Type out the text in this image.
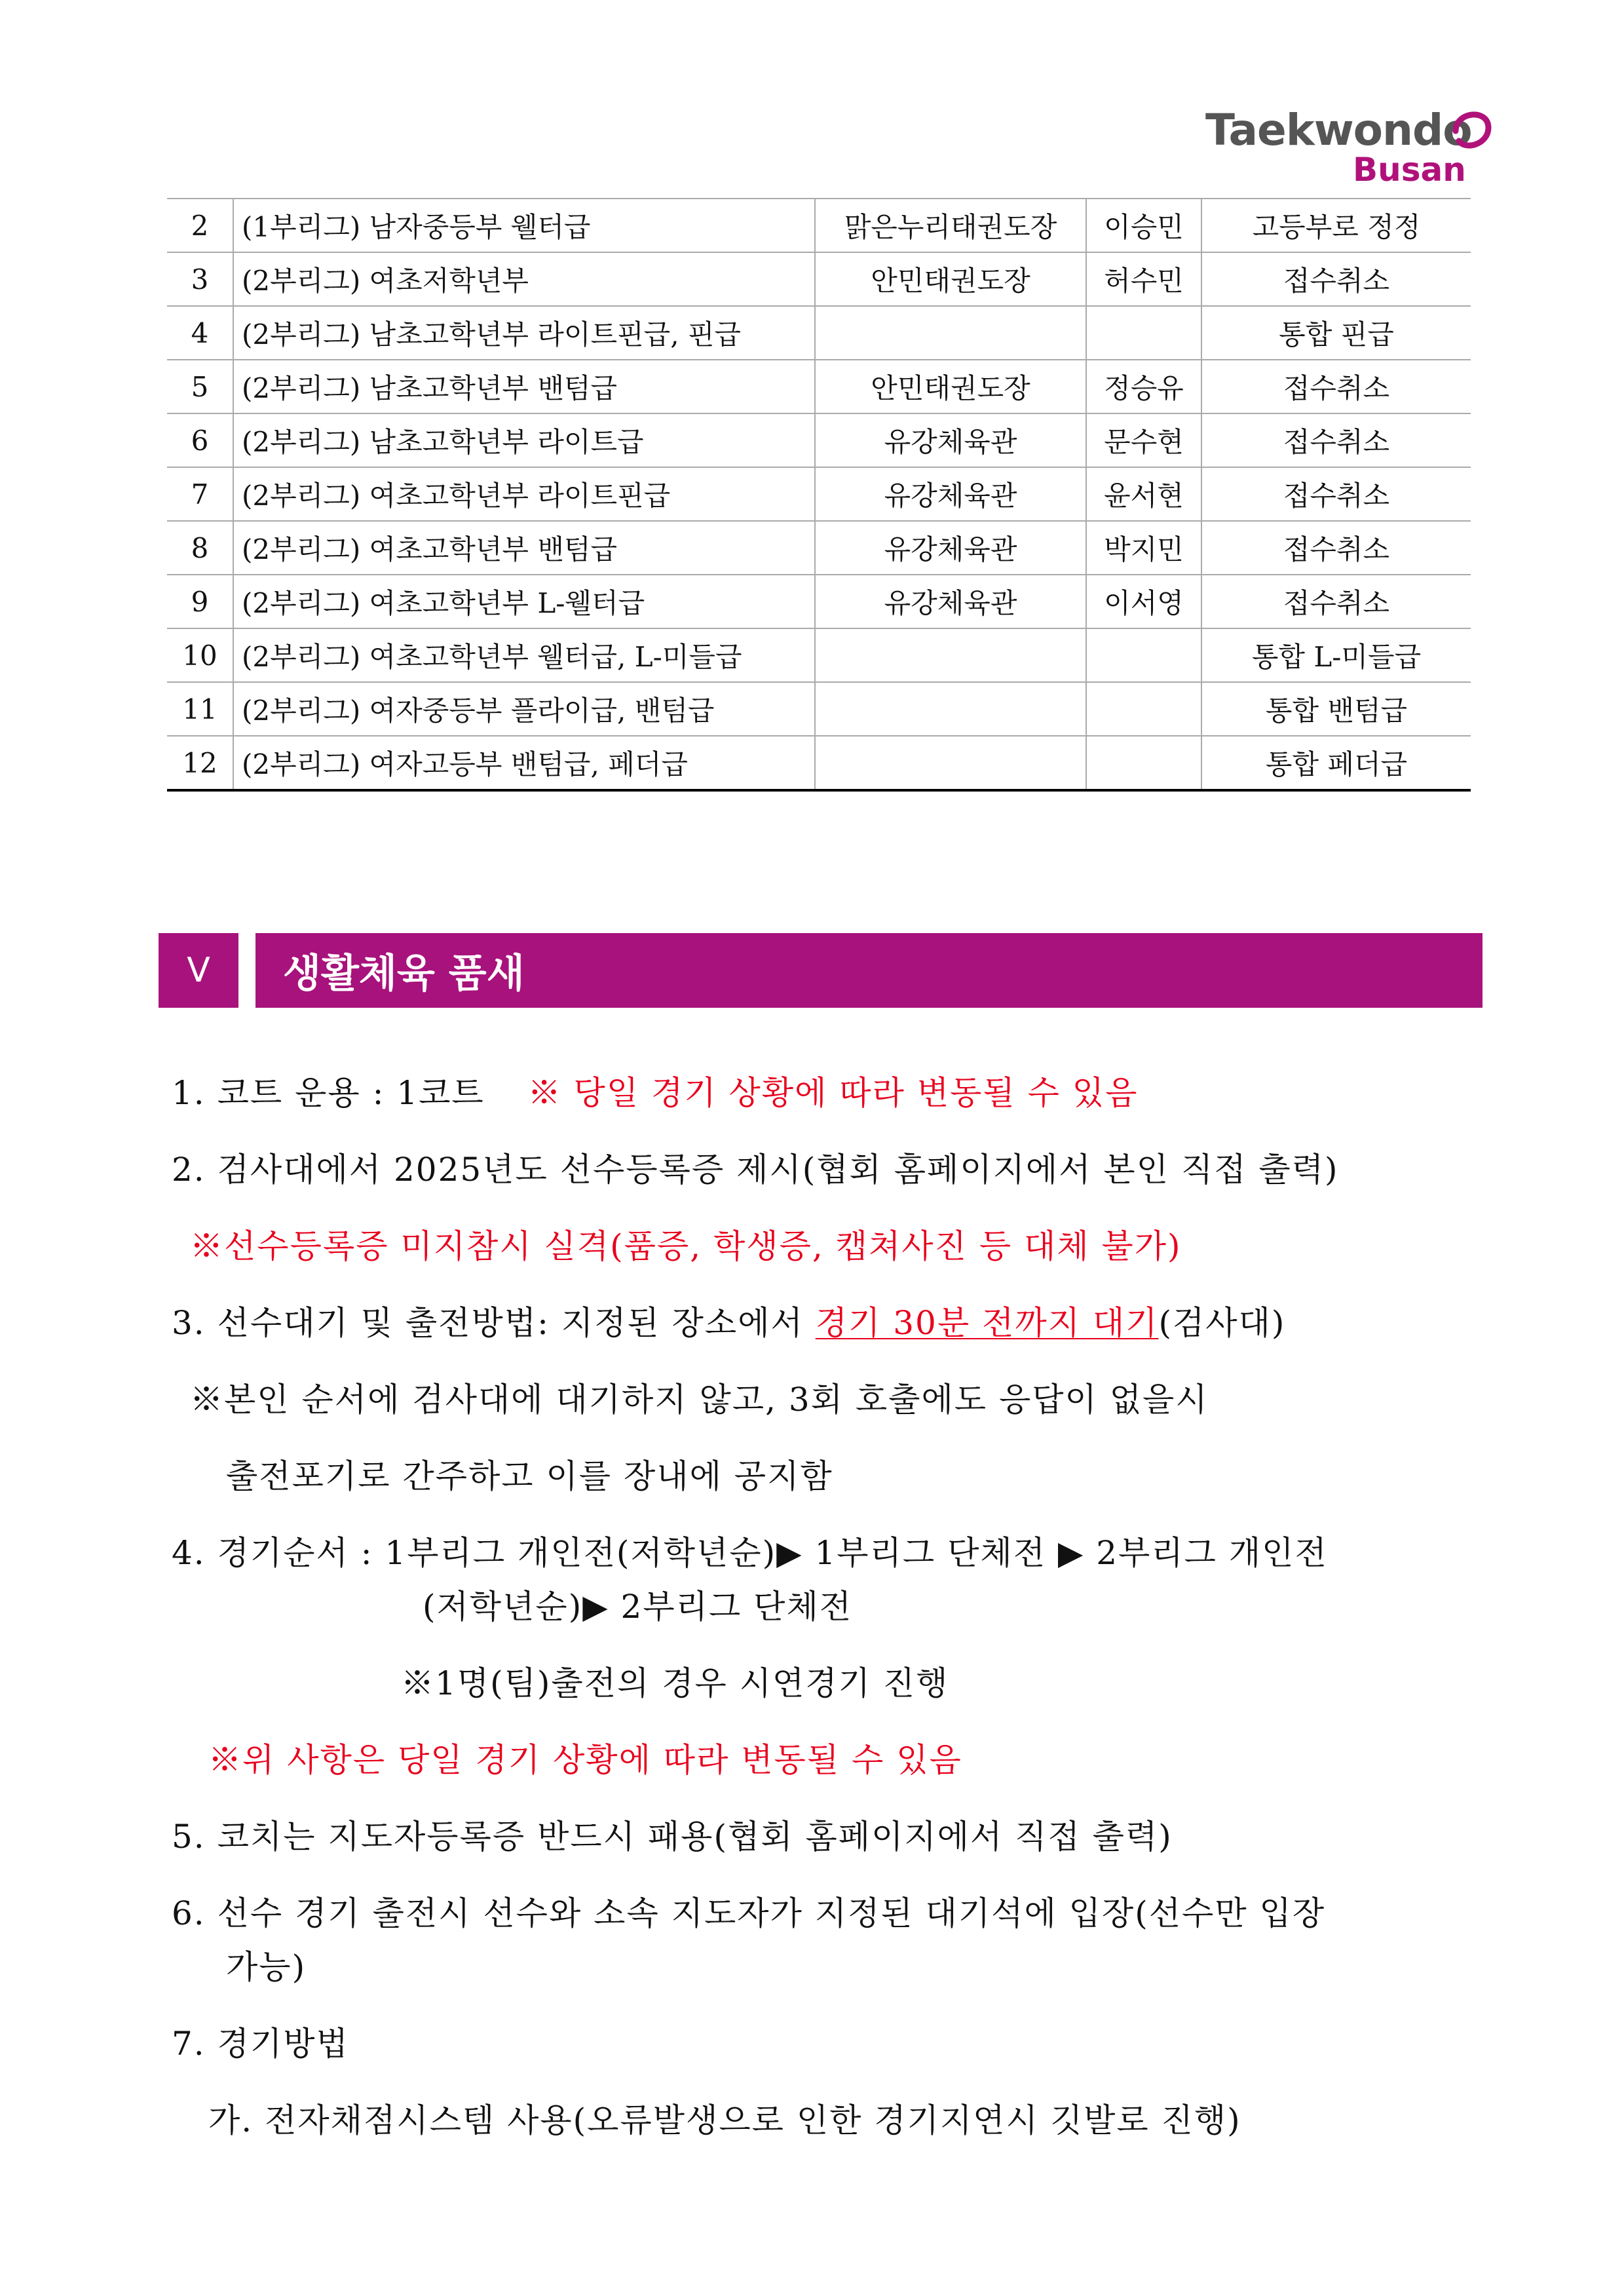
Taekwondo
Busan
2	(1부리그) 남자중등부 웰터급	맑은누리태권도장	이승민	고등부로 정정
3	(2부리그) 여초저학년부	안민태권도장	허수민	접수취소
4	(2부리그) 남초고학년부 라이트핀급, 핀급			통합 핀급
5	(2부리그) 남초고학년부 밴텀급	안민태권도장	정승유	접수취소
6	(2부리그) 남초고학년부 라이트급	유강체육관	문수현	접수취소
7	(2부리그) 여초고학년부 라이트핀급	유강체육관	윤서현	접수취소
8	(2부리그) 여초고학년부 밴텀급	유강체육관	박지민	접수취소
9	(2부리그) 여초고학년부 L-웰터급	유강체육관	이서영	접수취소
10	(2부리그) 여초고학년부 웰터급, L-미들급			통합 L-미들급
11	(2부리그) 여자중등부 플라이급, 밴텀급			통합 밴텀급
12	(2부리그) 여자고등부 밴텀급, 페더급			통합 페더급
Ⅴ	생활체육 품새
1. 코트 운용 : 1코트 ※ 당일 경기 상황에 따라 변동될 수 있음
2. 검사대에서 2025년도 선수등록증 제시(협회 홈페이지에서 본인 직접 출력)
※선수등록증 미지참시 실격(품증, 학생증, 캡쳐사진 등 대체 불가)
3. 선수대기 및 출전방법: 지정된 장소에서 경기 30분 전까지 대기(검사대)
※본인 순서에 검사대에 대기하지 않고, 3회 호출에도 응답이 없을시
출전포기로 간주하고 이를 장내에 공지함
4. 경기순서 : 1부리그 개인전(저학년순)▶ 1부리그 단체전 ▶ 2부리그 개인전
(저학년순)▶ 2부리그 단체전
※1명(팀)출전의 경우 시연경기 진행
※위 사항은 당일 경기 상황에 따라 변동될 수 있음
5. 코치는 지도자등록증 반드시 패용(협회 홈페이지에서 직접 출력)
6. 선수 경기 출전시 선수와 소속 지도자가 지정된 대기석에 입장(선수만 입장
가능)
7. 경기방법
가. 전자채점시스템 사용(오류발생으로 인한 경기지연시 깃발로 진행)
